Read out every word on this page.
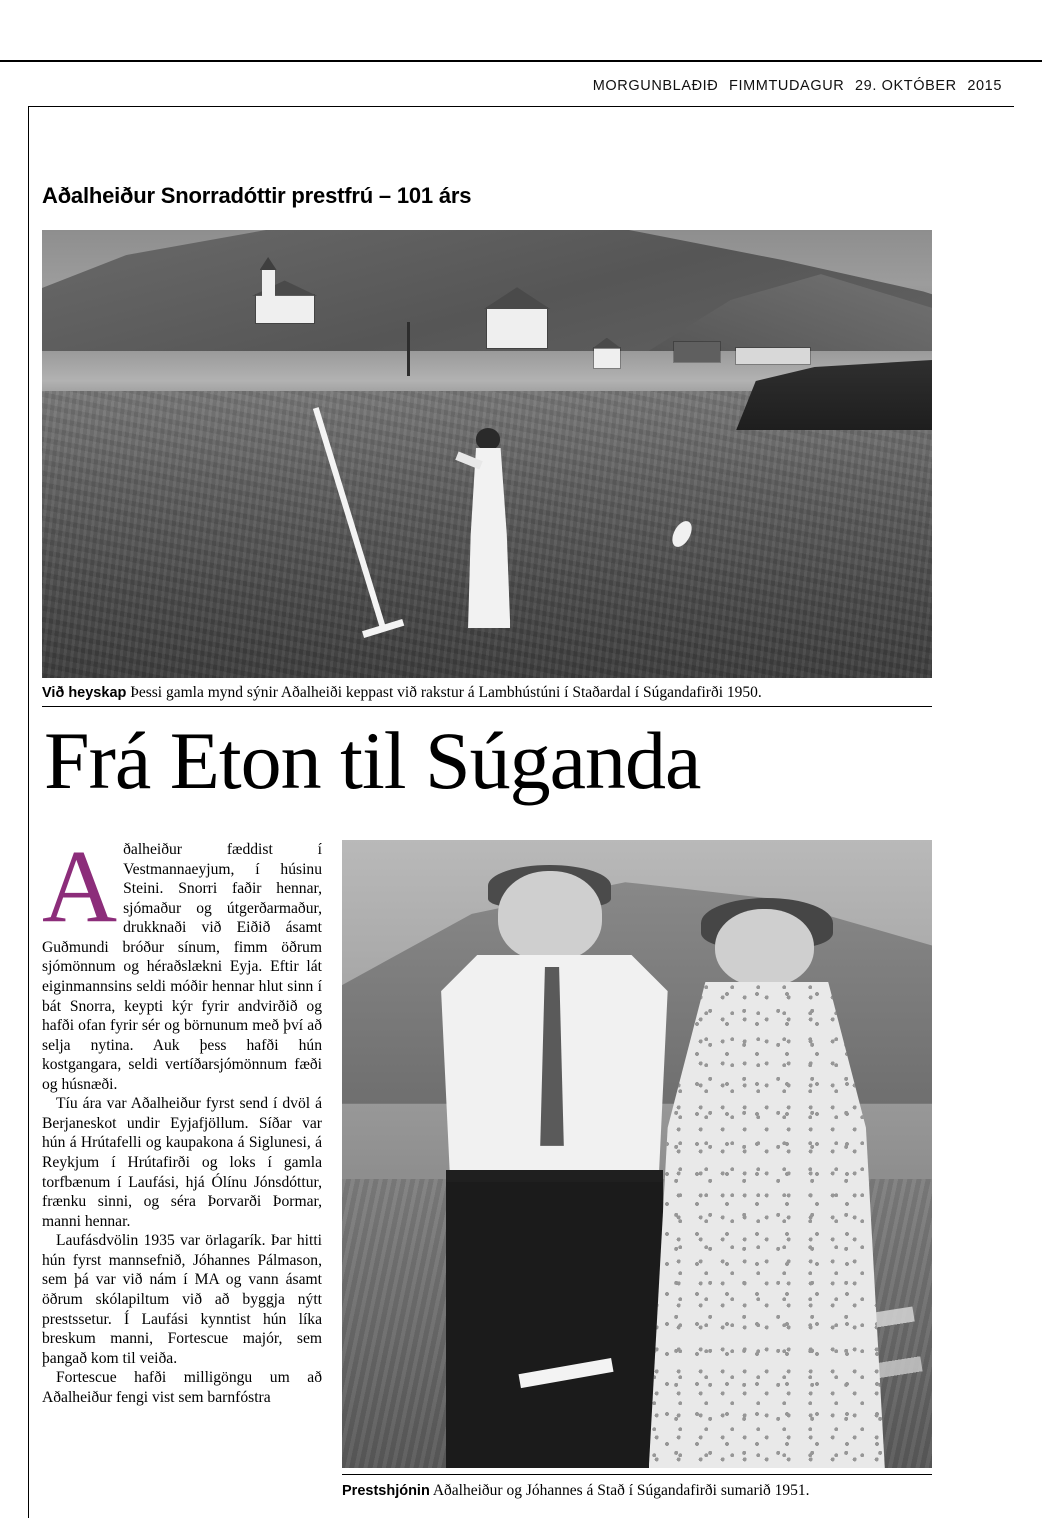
MORGUNBLAĐIĐ FIMMTUDAGUR 29. OKTÓBER 2015
Aðalheiður Snorradóttir prestfrú – 101 árs
Við heyskap Þessi gamla mynd sýnir Aðalheiði keppast við rakstur á Lambhústúni í Staðardal í Súgandafirði 1950.
Frá Eton til Súganda

Aðalheiður fæddist í Vestmannaeyjum, í húsinu Steini. Snorri faðir hennar, sjómaður og útgerðarmaður, drukknaði við Eiðið ásamt Guðmundi bróður sínum, fimm öðrum sjómönnum og héraðslækni Eyja. Eftir lát eiginmannsins seldi móðir hennar hlut sinn í bát Snorra, keypti kýr fyrir andvirðið og hafði ofan fyrir sér og börnunum með því að selja nytina. Auk þess hafði hún kostgangara, seldi vertíðarsjómönnum fæði og húsnæði.

Tíu ára var Aðalheiður fyrst send í dvöl á Berjaneskot undir Eyjafjöllum. Síðar var hún á Hrútafelli og kaupakona á Siglunesi, á Reykjum í Hrútafirði og loks í gamla torfbænum í Laufási, hjá Ólínu Jónsdóttur, frænku sinni, og séra Þorvarði Þormar, manni hennar.

Laufásdvölin 1935 var örlagarík. Þar hitti hún fyrst mannsefnið, Jóhannes Pálmason, sem þá var við nám í MA og vann ásamt öðrum skólapiltum við að byggja nýtt prestssetur. Í Laufási kynntist hún líka breskum manni, Fortescue majór, sem þangað kom til veiða.

Fortescue hafði milligöngu um að Aðalheiður fengi vist sem barnfóstra

Prestshjónin Aðalheiður og Jóhannes á Stað í Súgandafirði sumarið 1951.
